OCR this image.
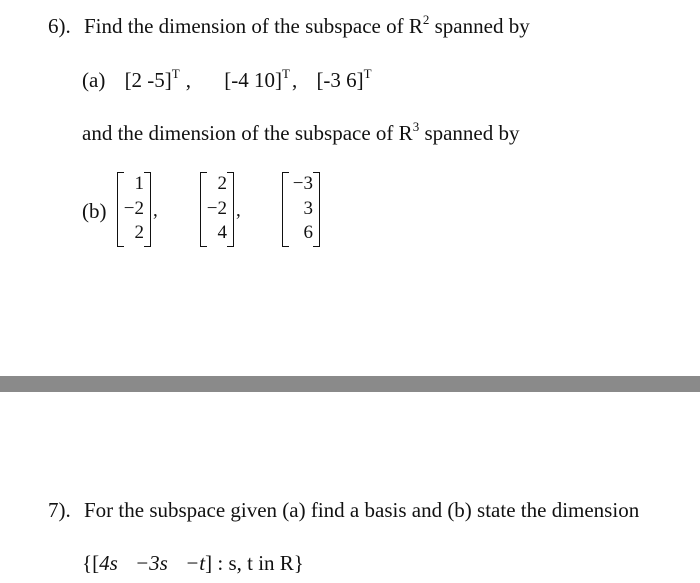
6). Find the dimension of the subspace of $R^2$ spanned by
(a) [2 -5]$^T$ , [-4 10]$^T$, [-3 6]$^T$
and the dimension of the subspace of $R^3$ spanned by
(b)
1
−2
2
,
2
−2
4
,
−3
3
6
7). For the subspace given (a) find a basis and (b) state the dimension
{[4s −3s −t] : s, t in R}
